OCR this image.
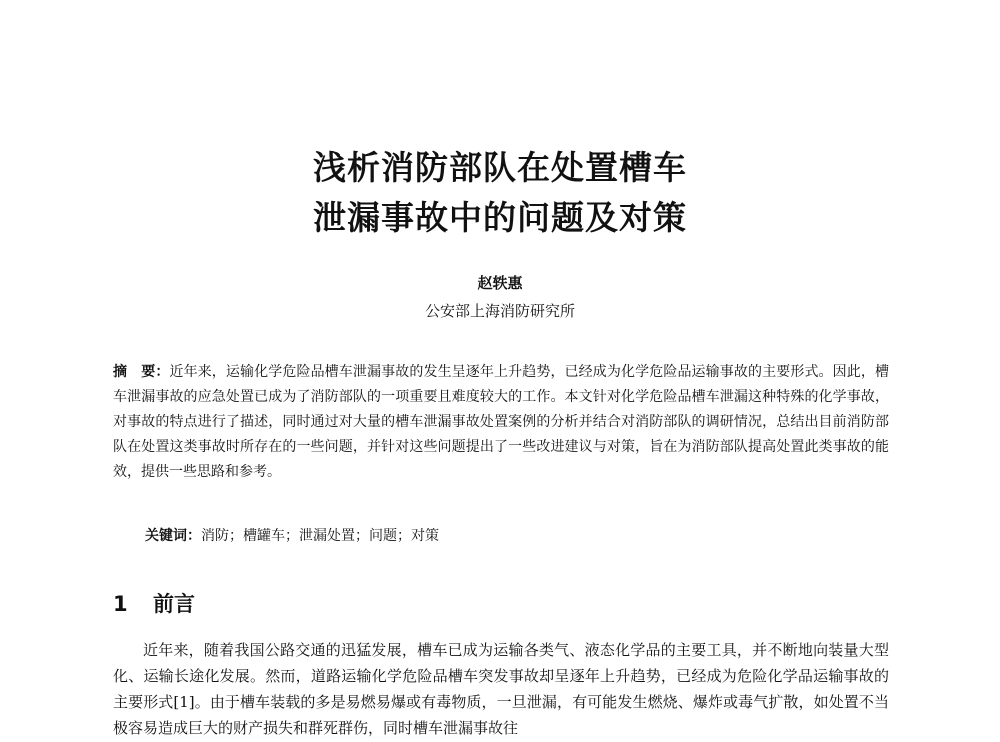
浅析消防部队在处置槽车
泄漏事故中的问题及对策
赵轶惠
公安部上海消防研究所
摘　要：近年来，运输化学危险品槽车泄漏事故的发生呈逐年上升趋势，已经成为化学危险品运输事故的主要形式。因此，槽车泄漏事故的应急处置已成为了消防部队的一项重要且难度较大的工作。本文针对化学危险品槽车泄漏这种特殊的化学事故，对事故的特点进行了描述，同时通过对大量的槽车泄漏事故处置案例的分析并结合对消防部队的调研情况，总结出目前消防部队在处置这类事故时所存在的一些问题，并针对这些问题提出了一些改进建议与对策，旨在为消防部队提高处置此类事故的能效，提供一些思路和参考。
关键词：消防；槽罐车；泄漏处置；问题；对策
1 前言
近年来，随着我国公路交通的迅猛发展，槽车已成为运输各类气、液态化学品的主要工具，并不断地向装量大型化、运输长途化发展。然而，道路运输化学危险品槽车突发事故却呈逐年上升趋势，已经成为危险化学品运输事故的主要形式[1]。由于槽车装载的多是易燃易爆或有毒物质，一旦泄漏，有可能发生燃烧、爆炸或毒气扩散，如处置不当极容易造成巨大的财产损失和群死群伤，同时槽车泄漏事故往
